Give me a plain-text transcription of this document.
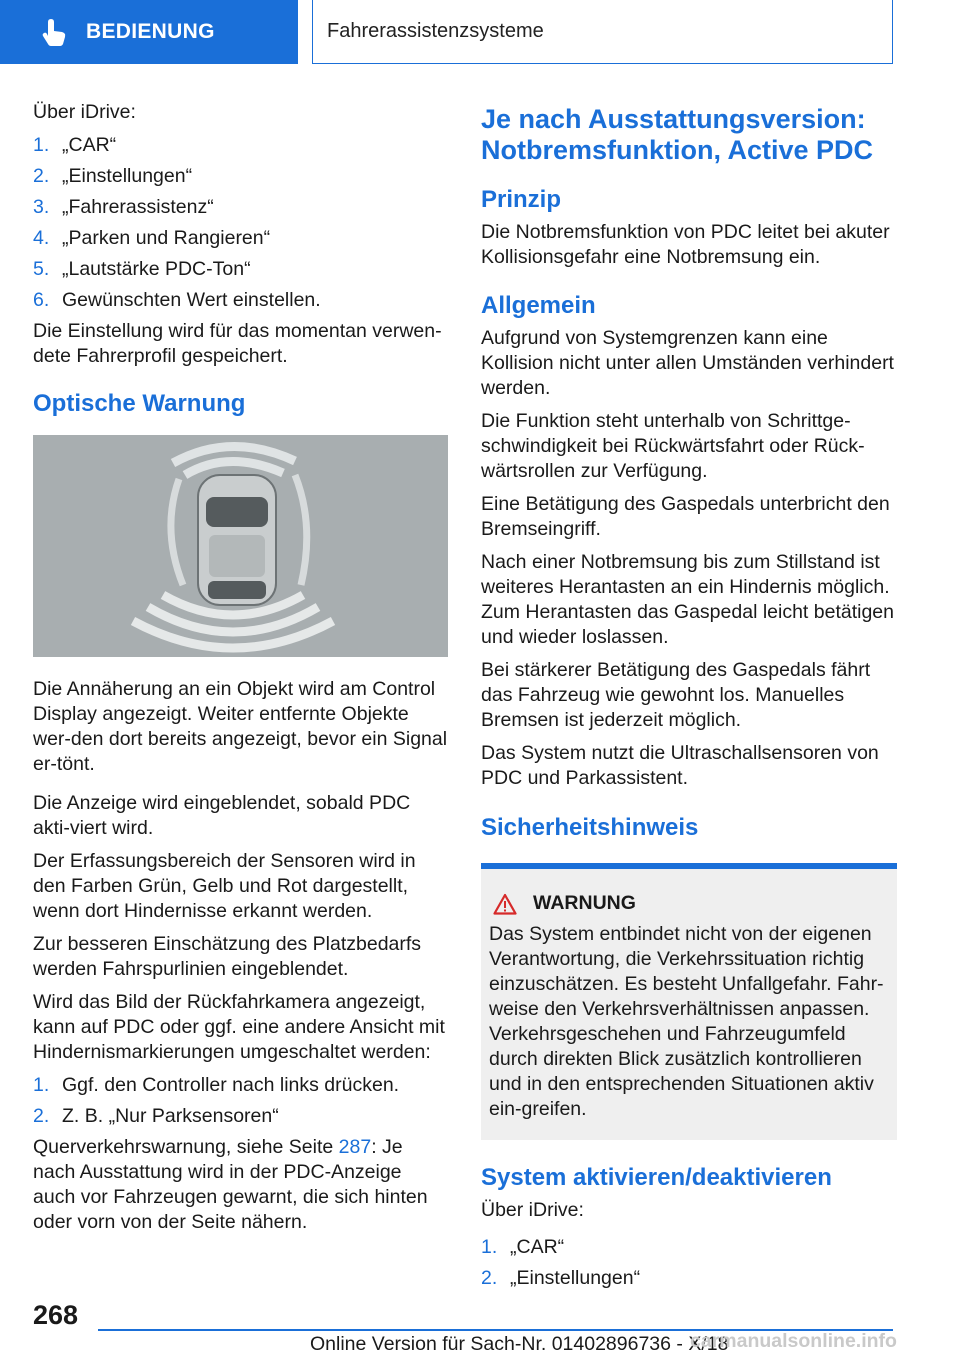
BEDIENUNG	Fahrerassistenzsysteme

Über iDrive:

1. „CAR“
2. „Einstellungen“
3. „Fahrerassistenz“
4. „Parken und Rangieren“
5. „Lautstärke PDC-Ton“
6. Gewünschten Wert einstellen.

Die Einstellung wird für das momentan verwen-dete Fahrerprofil gespeichert.

Optische Warnung

Die Annäherung an ein Objekt wird am Control Display angezeigt. Weiter entfernte Objekte wer-den dort bereits angezeigt, bevor ein Signal er-tönt.

Die Anzeige wird eingeblendet, sobald PDC akti-viert wird.

Der Erfassungsbereich der Sensoren wird in den Farben Grün, Gelb und Rot dargestellt, wenn dort Hindernisse erkannt werden.

Zur besseren Einschätzung des Platzbedarfs werden Fahrspurlinien eingeblendet.

Wird das Bild der Rückfahrkamera angezeigt, kann auf PDC oder ggf. eine andere Ansicht mit Hindernismarkierungen umgeschaltet werden:

1. Ggf. den Controller nach links drücken.
2. Z. B. „Nur Parksensoren“

Querverkehrswarnung, siehe Seite 287: Je nach Ausstattung wird in der PDC-Anzeige auch vor Fahrzeugen gewarnt, die sich hinten oder vorn von der Seite nähern.

Je nach Ausstattungsversion: Notbremsfunktion, Active PDC
Prinzip

Die Notbremsfunktion von PDC leitet bei akuter Kollisionsgefahr eine Notbremsung ein.

Allgemein

Aufgrund von Systemgrenzen kann eine Kollision nicht unter allen Umständen verhindert werden.

Die Funktion steht unterhalb von Schrittge-schwindigkeit bei Rückwärtsfahrt oder Rück-wärtsrollen zur Verfügung.

Eine Betätigung des Gaspedals unterbricht den Bremseingriff.

Nach einer Notbremsung bis zum Stillstand ist weiteres Herantasten an ein Hindernis möglich. Zum Herantasten das Gaspedal leicht betätigen und wieder loslassen.

Bei stärkerer Betätigung des Gaspedals fährt das Fahrzeug wie gewohnt los. Manuelles Bremsen ist jederzeit möglich.

Das System nutzt die Ultraschallsensoren von PDC und Parkassistent.

Sicherheitshinweis
WARNUNG

Das System entbindet nicht von der eigenen Verantwortung, die Verkehrssituation richtig einzuschätzen. Es besteht Unfallgefahr. Fahr-weise den Verkehrsverhältnissen anpassen. Verkehrsgeschehen und Fahrzeugumfeld durch direkten Blick zusätzlich kontrollieren und in den entsprechenden Situationen aktiv ein-greifen.

System aktivieren/deaktivieren

Über iDrive:

1. „CAR“
2. „Einstellungen“
268
Online Version für Sach-Nr. 01402896736 - X/18
carmanualsonline.info
